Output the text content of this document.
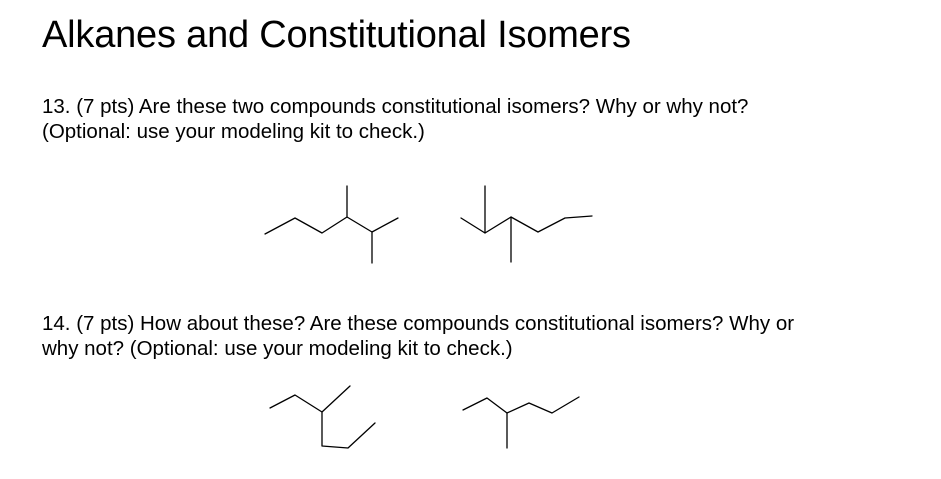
Alkanes and Constitutional Isomers
13. (7 pts) Are these two compounds constitutional isomers? Why or why not?
(Optional: use your modeling kit to check.)
14. (7 pts) How about these? Are these compounds constitutional isomers? Why or
why not? (Optional: use your modeling kit to check.)
